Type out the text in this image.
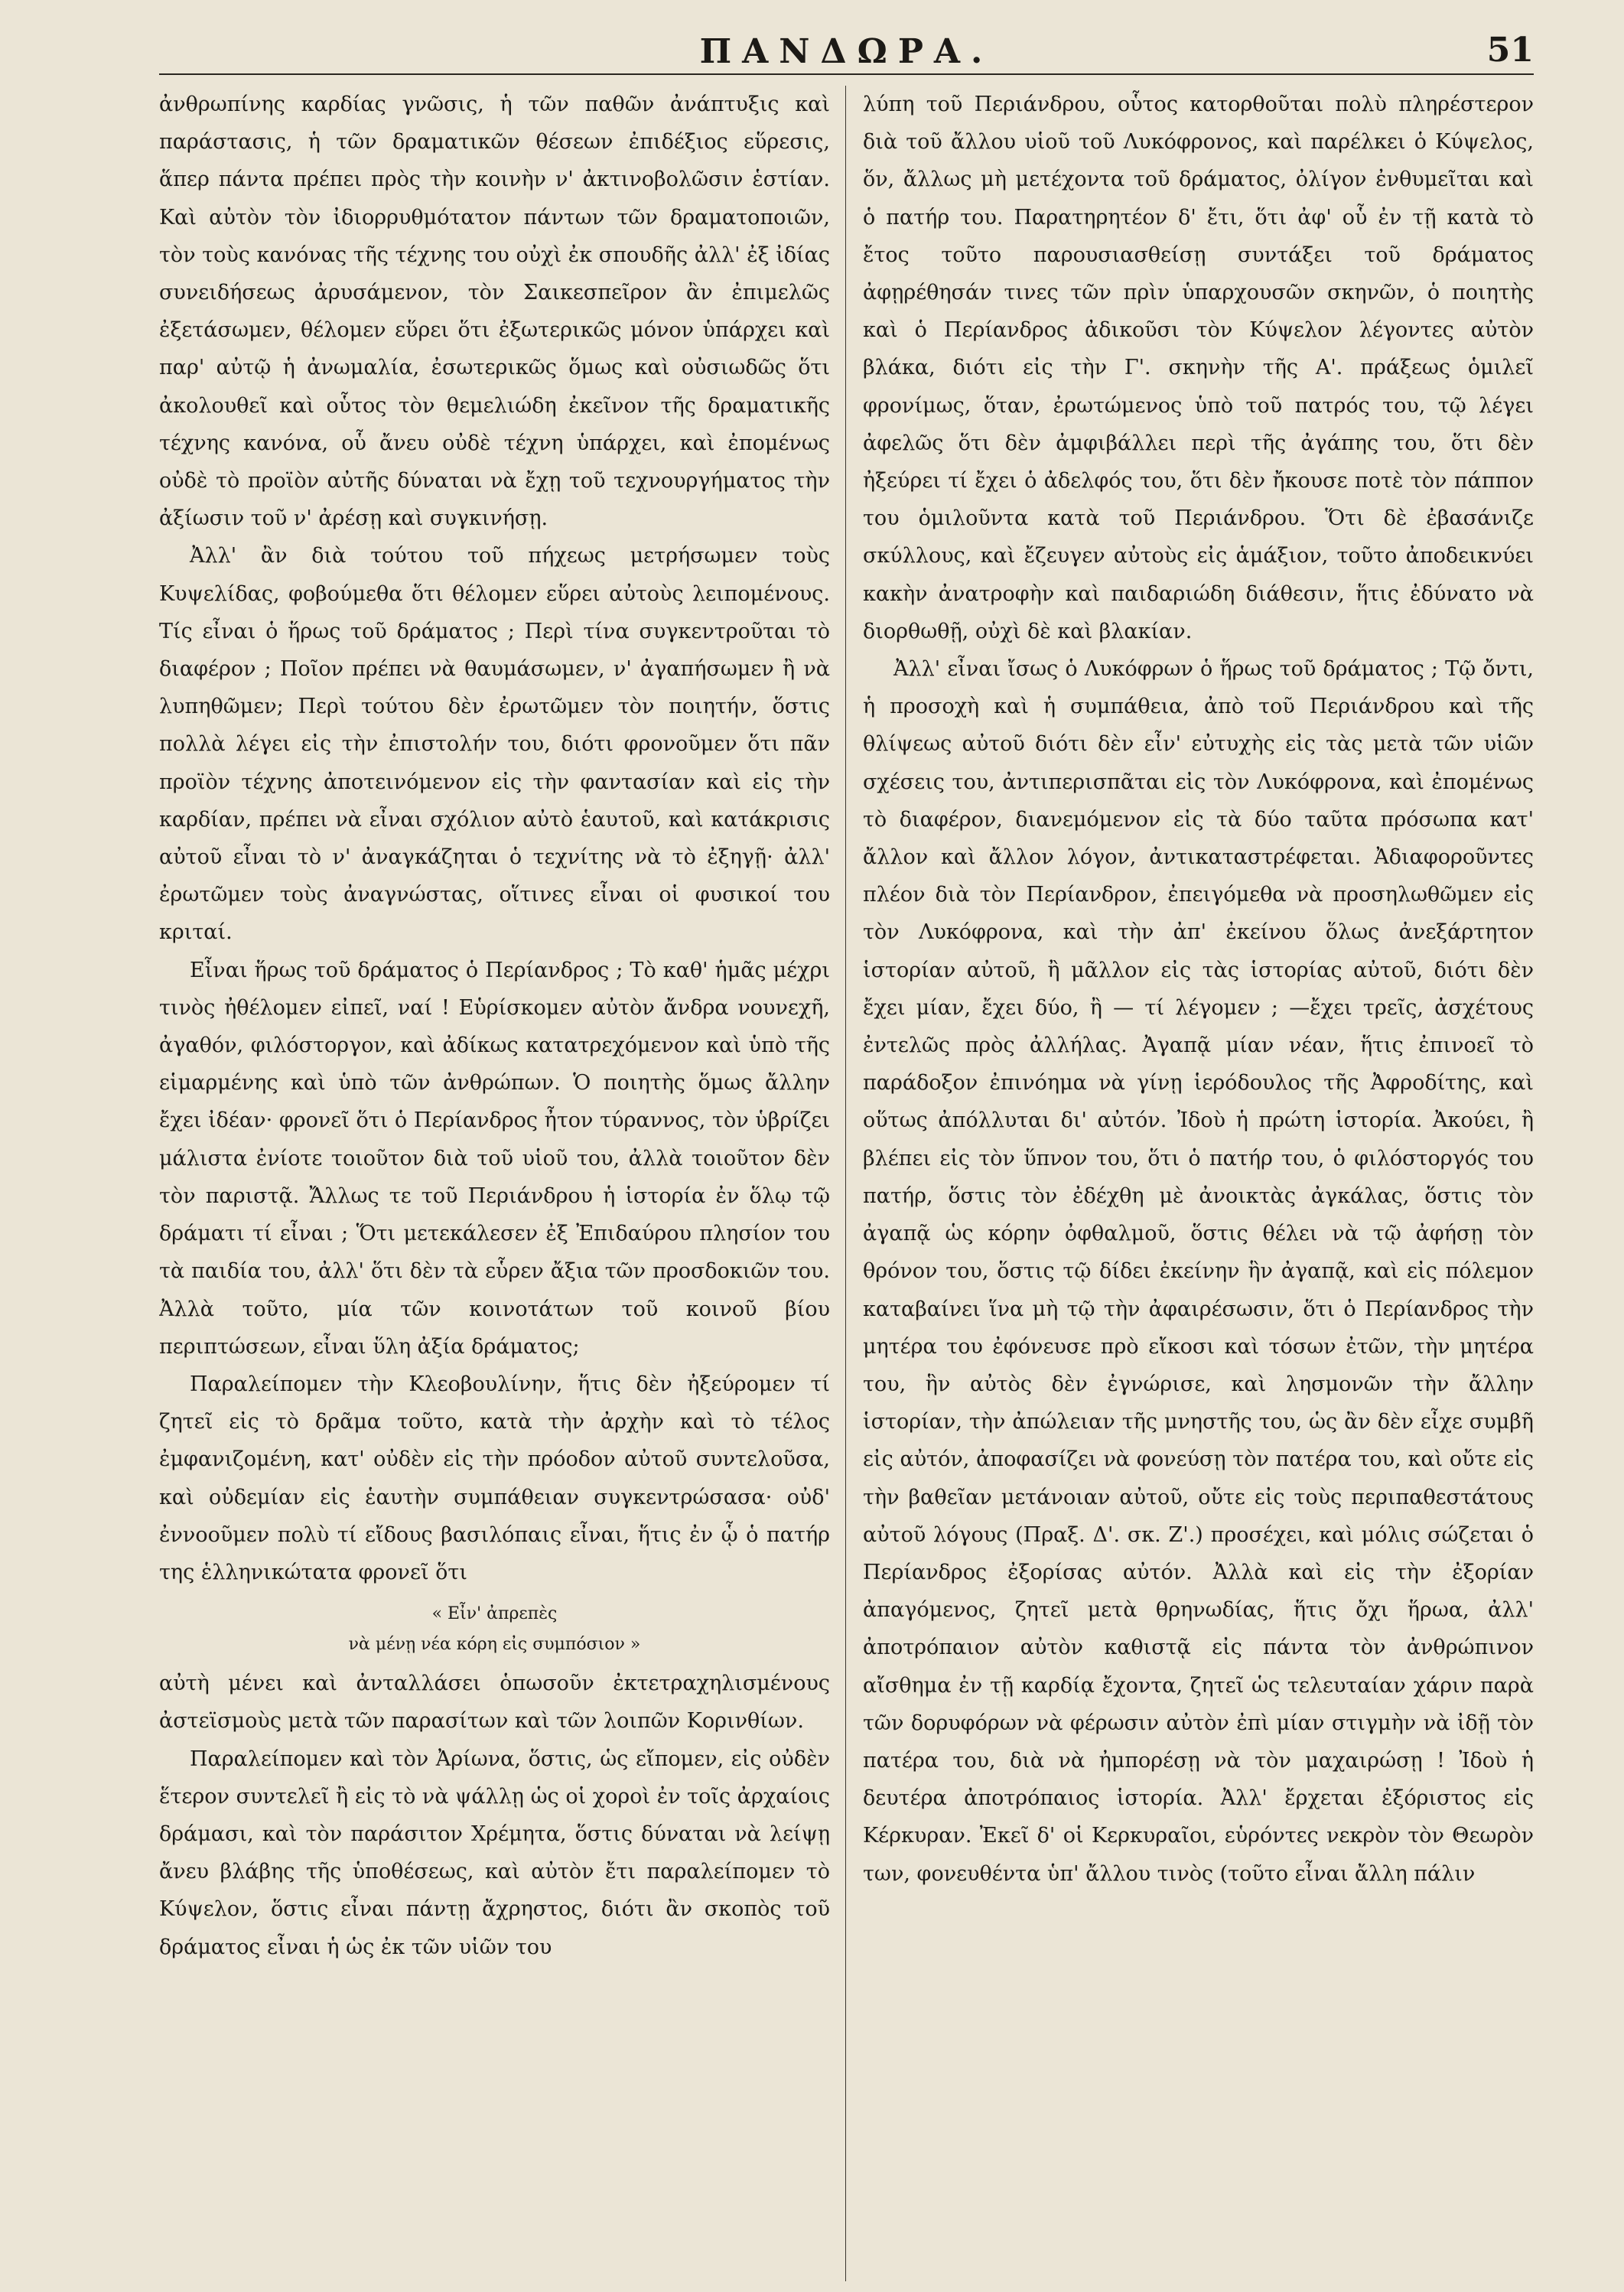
ΠΑΝΔΩΡΑ.	51

ἀνθρωπίνης καρδίας γνῶσις, ἡ τῶν παθῶν ἀνάπτυξις καὶ παράστασις, ἡ τῶν δραματικῶν θέσεων ἐπιδέξιος εὕρεσις, ἅπερ πάντα πρέπει πρὸς τὴν κοινὴν ν' ἀκτινοβολῶσιν ἑστίαν. Καὶ αὐτὸν τὸν ἰδιορρυθμότατον πάντων τῶν δραματοποιῶν, τὸν τοὺς κανόνας τῆς τέχνης του οὐχὶ ἐκ σπουδῆς ἀλλ' ἐξ ἰδίας συνειδήσεως ἀρυσάμενον, τὸν Σαικεσπεῖρον ἂν ἐπιμελῶς ἐξετάσωμεν, θέλομεν εὕρει ὅτι ἐξωτερικῶς μόνον ὑπάρχει καὶ παρ' αὐτῷ ἡ ἀνωμαλία, ἐσωτερικῶς ὅμως καὶ οὐσιωδῶς ὅτι ἀκολουθεῖ καὶ οὗτος τὸν θεμελιώδη ἐκεῖνον τῆς δραματικῆς τέχνης κανόνα, οὗ ἄνευ οὐδὲ τέχνη ὑπάρχει, καὶ ἐπομένως οὐδὲ τὸ προϊὸν αὐτῆς δύναται νὰ ἔχῃ τοῦ τεχνουργήματος τὴν ἀξίωσιν τοῦ ν' ἀρέσῃ καὶ συγκινήσῃ.

Ἀλλ' ἂν διὰ τούτου τοῦ πήχεως μετρήσωμεν τοὺς Κυψελίδας, φοβούμεθα ὅτι θέλομεν εὕρει αὐτοὺς λειπομένους. Τίς εἶναι ὁ ἥρως τοῦ δράματος ; Περὶ τίνα συγκεντροῦται τὸ διαφέρον ; Ποῖον πρέπει νὰ θαυμάσωμεν, ν' ἀγαπήσωμεν ἢ νὰ λυπηθῶμεν; Περὶ τούτου δὲν ἐρωτῶμεν τὸν ποιητήν, ὅστις πολλὰ λέγει εἰς τὴν ἐπιστολήν του, διότι φρονοῦμεν ὅτι πᾶν προϊὸν τέχνης ἀποτεινόμενον εἰς τὴν φαντασίαν καὶ εἰς τὴν καρδίαν, πρέπει νὰ εἶναι σχόλιον αὐτὸ ἑαυτοῦ, καὶ κατάκρισις αὐτοῦ εἶναι τὸ ν' ἀναγκάζηται ὁ τεχνίτης νὰ τὸ ἐξηγῇ· ἀλλ' ἐρωτῶμεν τοὺς ἀναγνώστας, οἵτινες εἶναι οἱ φυσικοί του κριταί.

Εἶναι ἥρως τοῦ δράματος ὁ Περίανδρος ; Τὸ καθ' ἡμᾶς μέχρι τινὸς ἠθέλομεν εἰπεῖ, ναί ! Εὑρίσκομεν αὐτὸν ἄνδρα νουνεχῆ, ἀγαθόν, φιλόστοργον, καὶ ἀδίκως κατατρεχόμενον καὶ ὑπὸ τῆς εἱμαρμένης καὶ ὑπὸ τῶν ἀνθρώπων. Ὁ ποιητὴς ὅμως ἄλλην ἔχει ἰδέαν· φρονεῖ ὅτι ὁ Περίανδρος ἦτον τύραννος, τὸν ὑβρίζει μάλιστα ἐνίοτε τοιοῦτον διὰ τοῦ υἱοῦ του, ἀλλὰ τοιοῦτον δὲν τὸν παριστᾷ. Ἄλλως τε τοῦ Περιάνδρου ἡ ἱστορία ἐν ὅλῳ τῷ δράματι τί εἶναι ; Ὅτι μετεκάλεσεν ἐξ Ἐπιδαύρου πλησίον του τὰ παιδία του, ἀλλ' ὅτι δὲν τὰ εὗρεν ἄξια τῶν προσδοκιῶν του. Ἀλλὰ τοῦτο, μία τῶν κοινοτάτων τοῦ κοινοῦ βίου περιπτώσεων, εἶναι ὕλη ἀξία δράματος;

Παραλείπομεν τὴν Κλεοβουλίνην, ἥτις δὲν ἠξεύρομεν τί ζητεῖ εἰς τὸ δρᾶμα τοῦτο, κατὰ τὴν ἀρχὴν καὶ τὸ τέλος ἐμφανιζομένη, κατ' οὐδὲν εἰς τὴν πρόοδον αὐτοῦ συντελοῦσα, καὶ οὐδεμίαν εἰς ἑαυτὴν συμπάθειαν συγκεντρώσασα· οὐδ' ἐννοοῦμεν πολὺ τί εἴδους βασιλόπαις εἶναι, ἥτις ἐν ᾧ ὁ πατήρ της ἑλληνικώτατα φρονεῖ ὅτι

« Εἶν' ἀπρεπὲς
νὰ μένῃ νέα κόρη εἰς συμπόσιον »

αὐτὴ μένει καὶ ἀνταλλάσει ὁπωσοῦν ἐκτετραχηλισμένους ἀστεϊσμοὺς μετὰ τῶν παρασίτων καὶ τῶν λοιπῶν Κορινθίων.

Παραλείπομεν καὶ τὸν Ἀρίωνα, ὅστις, ὡς εἴπομεν, εἰς οὐδὲν ἕτερον συντελεῖ ἢ εἰς τὸ νὰ ψάλλῃ ὡς οἱ χοροὶ ἐν τοῖς ἀρχαίοις δράμασι, καὶ τὸν παράσιτον Χρέμητα, ὅστις δύναται νὰ λείψῃ ἄνευ βλάβης τῆς ὑποθέσεως, καὶ αὐτὸν ἔτι παραλείπομεν τὸ Κύψελον, ὅστις εἶναι πάντῃ ἄχρηστος, διότι ἂν σκοπὸς τοῦ δράματος εἶναι ἡ ὡς ἐκ τῶν υἱῶν του

λύπη τοῦ Περιάνδρου, οὗτος κατορθοῦται πολὺ πληρέστερον διὰ τοῦ ἄλλου υἱοῦ τοῦ Λυκόφρονος, καὶ παρέλκει ὁ Κύψελος, ὅν, ἄλλως μὴ μετέχοντα τοῦ δράματος, ὀλίγον ἐνθυμεῖται καὶ ὁ πατήρ του. Παρατηρητέον δ' ἔτι, ὅτι ἀφ' οὗ ἐν τῇ κατὰ τὸ ἔτος τοῦτο παρουσιασθείσῃ συντάξει τοῦ δράματος ἀφῃρέθησάν τινες τῶν πρὶν ὑπαρχουσῶν σκηνῶν, ὁ ποιητὴς καὶ ὁ Περίανδρος ἀδικοῦσι τὸν Κύψελον λέγοντες αὐτὸν βλάκα, διότι εἰς τὴν Γ'. σκηνὴν τῆς Α'. πράξεως ὁμιλεῖ φρονίμως, ὅταν, ἐρωτώμενος ὑπὸ τοῦ πατρός του, τῷ λέγει ἀφελῶς ὅτι δὲν ἀμφιβάλλει περὶ τῆς ἀγάπης του, ὅτι δὲν ἠξεύρει τί ἔχει ὁ ἀδελφός του, ὅτι δὲν ἤκουσε ποτὲ τὸν πάππον του ὁμιλοῦντα κατὰ τοῦ Περιάνδρου. Ὅτι δὲ ἐβασάνιζε σκύλλους, καὶ ἔζευγεν αὐτοὺς εἰς ἁμάξιον, τοῦτο ἀποδεικνύει κακὴν ἀνατροφὴν καὶ παιδαριώδη διάθεσιν, ἥτις ἐδύνατο νὰ διορθωθῇ, οὐχὶ δὲ καὶ βλακίαν.

Ἀλλ' εἶναι ἴσως ὁ Λυκόφρων ὁ ἥρως τοῦ δράματος ; Τῷ ὄντι, ἡ προσοχὴ καὶ ἡ συμπάθεια, ἀπὸ τοῦ Περιάνδρου καὶ τῆς θλίψεως αὐτοῦ διότι δὲν εἶν' εὐτυχὴς εἰς τὰς μετὰ τῶν υἱῶν σχέσεις του, ἀντιπερισπᾶται εἰς τὸν Λυκόφρονα, καὶ ἐπομένως τὸ διαφέρον, διανεμόμενον εἰς τὰ δύο ταῦτα πρόσωπα κατ' ἄλλον καὶ ἄλλον λόγον, ἀντικαταστρέφεται. Ἀδιαφοροῦντες πλέον διὰ τὸν Περίανδρον, ἐπειγόμεθα νὰ προσηλωθῶμεν εἰς τὸν Λυκόφρονα, καὶ τὴν ἀπ' ἐκείνου ὅλως ἀνεξάρτητον ἱστορίαν αὐτοῦ, ἢ μᾶλλον εἰς τὰς ἱστορίας αὐτοῦ, διότι δὲν ἔχει μίαν, ἔχει δύο, ἢ — τί λέγομεν ; —ἔχει τρεῖς, ἀσχέτους ἐντελῶς πρὸς ἀλλήλας. Ἀγαπᾷ μίαν νέαν, ἥτις ἐπινοεῖ τὸ παράδοξον ἐπινόημα νὰ γίνῃ ἱερόδουλος τῆς Ἀφροδίτης, καὶ οὕτως ἀπόλλυται δι' αὐτόν. Ἰδοὺ ἡ πρώτη ἱστορία. Ἀκούει, ἢ βλέπει εἰς τὸν ὕπνον του, ὅτι ὁ πατήρ του, ὁ φιλόστοργός του πατήρ, ὅστις τὸν ἐδέχθη μὲ ἀνοικτὰς ἀγκάλας, ὅστις τὸν ἀγαπᾷ ὡς κόρην ὀφθαλμοῦ, ὅστις θέλει νὰ τῷ ἀφήσῃ τὸν θρόνον του, ὅστις τῷ δίδει ἐκείνην ἣν ἀγαπᾷ, καὶ εἰς πόλεμον καταβαίνει ἵνα μὴ τῷ τὴν ἀφαιρέσωσιν, ὅτι ὁ Περίανδρος τὴν μητέρα του ἐφόνευσε πρὸ εἴκοσι καὶ τόσων ἐτῶν, τὴν μητέρα του, ἣν αὐτὸς δὲν ἐγνώρισε, καὶ λησμονῶν τὴν ἄλλην ἱστορίαν, τὴν ἀπώλειαν τῆς μνηστῆς του, ὡς ἂν δὲν εἶχε συμβῆ εἰς αὐτόν, ἀποφασίζει νὰ φονεύσῃ τὸν πατέρα του, καὶ οὔτε εἰς τὴν βαθεῖαν μετάνοιαν αὐτοῦ, οὔτε εἰς τοὺς περιπαθεστάτους αὐτοῦ λόγους (Πραξ. Δ'. σκ. Ζ'.) προσέχει, καὶ μόλις σώζεται ὁ Περίανδρος ἐξορίσας αὐτόν. Ἀλλὰ καὶ εἰς τὴν ἐξορίαν ἀπαγόμενος, ζητεῖ μετὰ θρηνωδίας, ἥτις ὄχι ἥρωα, ἀλλ' ἀποτρόπαιον αὐτὸν καθιστᾷ εἰς πάντα τὸν ἀνθρώπινον αἴσθημα ἐν τῇ καρδίᾳ ἔχοντα, ζητεῖ ὡς τελευταίαν χάριν παρὰ τῶν δορυφόρων νὰ φέρωσιν αὐτὸν ἐπὶ μίαν στιγμὴν νὰ ἰδῇ τὸν πατέρα του, διὰ νὰ ἠμπορέσῃ νὰ τὸν μαχαιρώσῃ ! Ἰδοὺ ἡ δευτέρα ἀποτρόπαιος ἱστορία. Ἀλλ' ἔρχεται ἐξόριστος εἰς Κέρκυραν. Ἐκεῖ δ' οἱ Κερκυραῖοι, εὑρόντες νεκρὸν τὸν Θεωρὸν των, φονευθέντα ὑπ' ἄλλου τινὸς (τοῦτο εἶναι ἄλλη πάλιν
